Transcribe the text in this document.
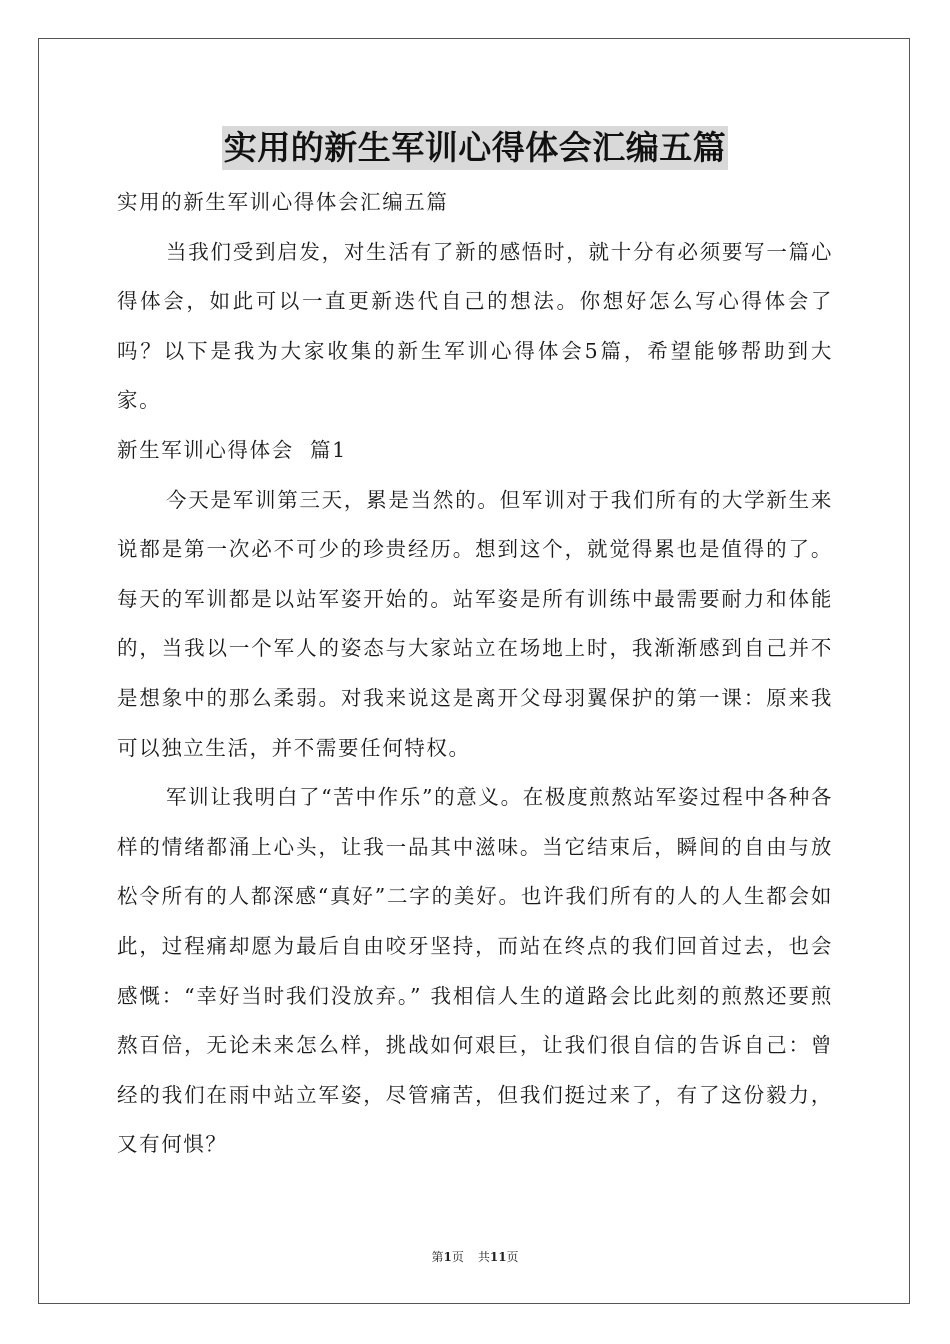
实用的新生军训心得体会汇编五篇

实用的新生军训心得体会汇编五篇

当我们受到启发，对生活有了新的感悟时，就十分有必须要写一篇心得体会，如此可以一直更新迭代自己的想法。你想好怎么写心得体会了吗？以下是我为大家收集的新生军训心得体会5篇，希望能够帮助到大家。

新生军训心得体会  篇1

今天是军训第三天，累是当然的。但军训对于我们所有的大学新生来说都是第一次必不可少的珍贵经历。想到这个，就觉得累也是值得的了。每天的军训都是以站军姿开始的。站军姿是所有训练中最需要耐力和体能的，当我以一个军人的姿态与大家站立在场地上时，我渐渐感到自己并不是想象中的那么柔弱。对我来说这是离开父母羽翼保护的第一课：原来我可以独立生活，并不需要任何特权。

军训让我明白了“苦中作乐”的意义。在极度煎熬站军姿过程中各种各样的情绪都涌上心头，让我一品其中滋味。当它结束后，瞬间的自由与放松令所有的人都深感“真好”二字的美好。也许我们所有的人的人生都会如此，过程痛却愿为最后自由咬牙坚持，而站在终点的我们回首过去，也会感慨：“幸好当时我们没放弃。” 我相信人生的道路会比此刻的煎熬还要煎熬百倍，无论未来怎么样，挑战如何艰巨，让我们很自信的告诉自己：曾经的我们在雨中站立军姿，尽管痛苦，但我们挺过来了，有了这份毅力，又有何惧？

第1页 共11页
